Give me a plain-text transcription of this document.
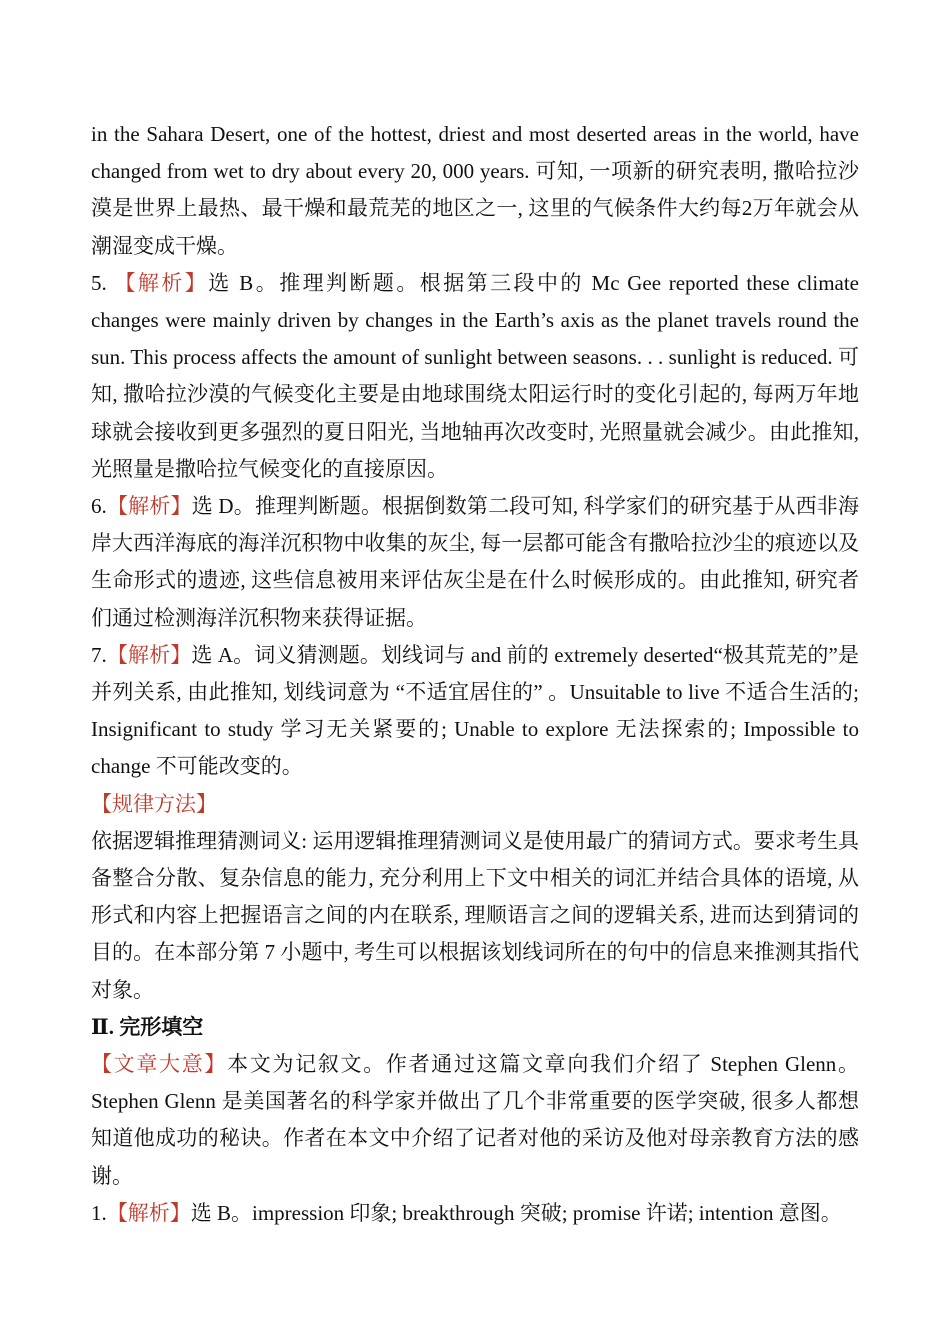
in the Sahara Desert, one of the hottest, driest and most deserted areas in the world, have changed from wet to dry about every 20, 000 years. 可知, 一项新的研究表明, 撒哈拉沙漠是世界上最热、最干燥和最荒芜的地区之一, 这里的气候条件大约每2万年就会从潮湿变成干燥。

5. 【解析】选 B。推理判断题。根据第三段中的 Mc Gee reported these climate changes were mainly driven by changes in the Earth’s axis as the planet travels round the sun. This process affects the amount of sunlight between seasons. . . sunlight is reduced. 可知, 撒哈拉沙漠的气候变化主要是由地球围绕太阳运行时的变化引起的, 每两万年地球就会接收到更多强烈的夏日阳光, 当地轴再次改变时, 光照量就会减少。由此推知, 光照量是撒哈拉气候变化的直接原因。

6.【解析】选 D。推理判断题。根据倒数第二段可知, 科学家们的研究基于从西非海岸大西洋海底的海洋沉积物中收集的灰尘, 每一层都可能含有撒哈拉沙尘的痕迹以及生命形式的遗迹, 这些信息被用来评估灰尘是在什么时候形成的。由此推知, 研究者们通过检测海洋沉积物来获得证据。

7.【解析】选 A。词义猜测题。划线词与 and 前的 extremely deserted“极其荒芜的”是并列关系, 由此推知, 划线词意为 “不适宜居住的” 。Unsuitable to live 不适合生活的; Insignificant to study 学习无关紧要的; Unable to explore 无法探索的; Impossible to change 不可能改变的。

【规律方法】

依据逻辑推理猜测词义: 运用逻辑推理猜测词义是使用最广的猜词方式。要求考生具备整合分散、复杂信息的能力, 充分利用上下文中相关的词汇并结合具体的语境, 从形式和内容上把握语言之间的内在联系, 理顺语言之间的逻辑关系, 进而达到猜词的目的。在本部分第 7 小题中, 考生可以根据该划线词所在的句中的信息来推测其指代对象。

Ⅱ. 完形填空

【文章大意】本文为记叙文。作者通过这篇文章向我们介绍了 Stephen Glenn。Stephen Glenn 是美国著名的科学家并做出了几个非常重要的医学突破, 很多人都想知道他成功的秘诀。作者在本文中介绍了记者对他的采访及他对母亲教育方法的感谢。

1.【解析】选 B。impression 印象; breakthrough 突破; promise 许诺; intention 意图。
